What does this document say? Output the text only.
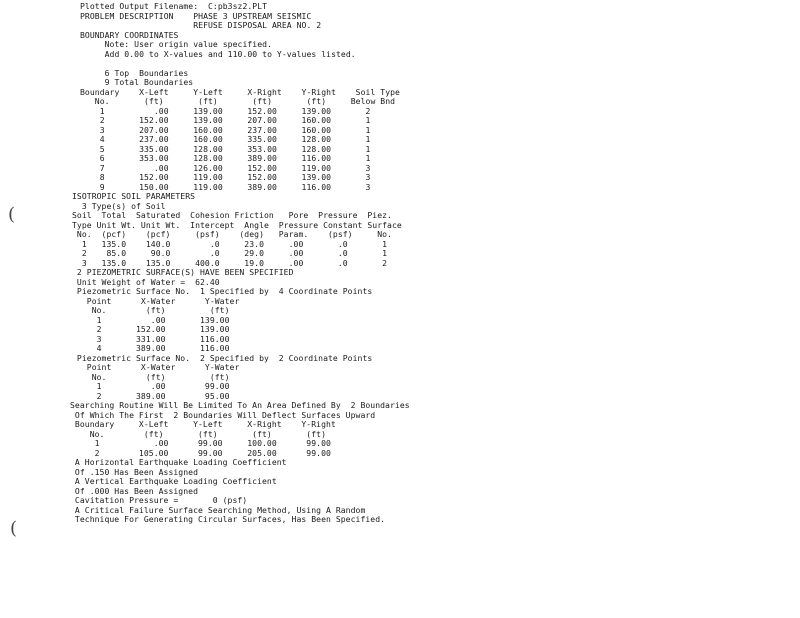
Plotted Output Filename:  C:pb3sz2.PLT
PROBLEM DESCRIPTION    PHASE 3 UPSTREAM SEISMIC
REFUSE DISPOSAL AREA NO. 2
BOUNDARY COORDINATES
Note: User origin value specified.
Add 0.00 to X-values and 110.00 to Y-values listed.
6 Top  Boundaries
9 Total Boundaries
Boundary    X-Left     Y-Left     X-Right    Y-Right    Soil Type
No.       (ft)       (ft)       (ft)       (ft)     Below Bnd
1          .00     139.00     152.00     139.00       2
2       152.00     139.00     207.00     160.00       1
3       207.00     160.00     237.00     160.00       1
4       237.00     160.00     335.00     128.00       1
5       335.00     128.00     353.00     128.00       1
6       353.00     128.00     389.00     116.00       1
7          .00     126.00     152.00     119.00       3
8       152.00     119.00     152.00     139.00       3
9       150.00     119.00     389.00     116.00       3
ISOTROPIC SOIL PARAMETERS
3 Type(s) of Soil
Soil  Total  Saturated  Cohesion Friction   Pore  Pressure  Piez.
Type Unit Wt. Unit Wt.  Intercept  Angle  Pressure Constant Surface
No.  (pcf)    (pcf)     (psf)    (deg)   Param.    (psf)     No.
1   135.0    140.0        .0     23.0     .00       .0       1
2    85.0     90.0        .0     29.0     .00       .0       1
3   135.0    135.0     400.0     19.0     .00       .0       2
2 PIEZOMETRIC SURFACE(S) HAVE BEEN SPECIFIED
Unit Weight of Water =  62.40
Piezometric Surface No.  1 Specified by  4 Coordinate Points
Point      X-Water      Y-Water
No.        (ft)         (ft)
1          .00       139.00
2       152.00       139.00
3       331.00       116.00
4       389.00       116.00
Piezometric Surface No.  2 Specified by  2 Coordinate Points
Point      X-Water      Y-Water
No.        (ft)         (ft)
1          .00        99.00
2       389.00        95.00
Searching Routine Will Be Limited To An Area Defined By  2 Boundaries
Of Which The First  2 Boundaries Will Deflect Surfaces Upward
Boundary     X-Left     Y-Left     X-Right    Y-Right
No.        (ft)       (ft)       (ft)       (ft)
1           .00      99.00     100.00      99.00
2        105.00      99.00     205.00      99.00
A Horizontal Earthquake Loading Coefficient
Of .150 Has Been Assigned
A Vertical Earthquake Loading Coefficient
Of .000 Has Been Assigned
Cavitation Pressure =       0 (psf)
A Critical Failure Surface Searching Method, Using A Random
Technique For Generating Circular Surfaces, Has Been Specified.
(
(
